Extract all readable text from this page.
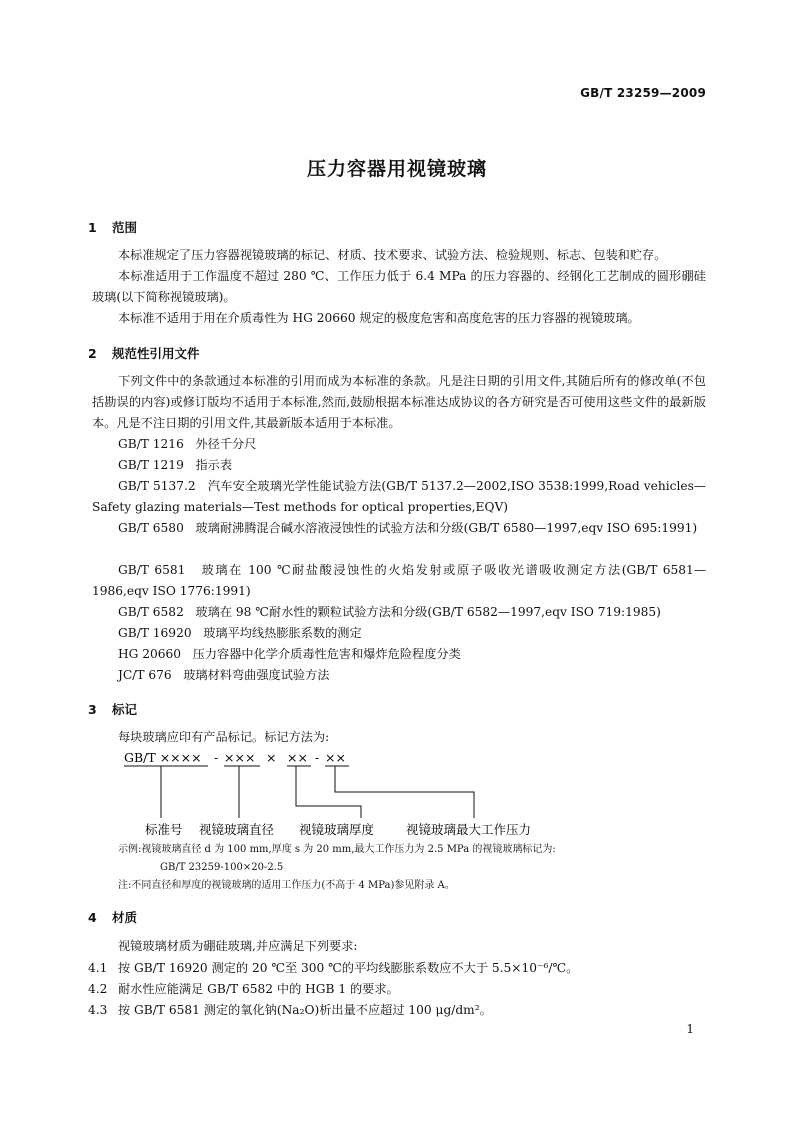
GB/T 23259—2009
压力容器用视镜玻璃
1 范围
本标准规定了压力容器视镜玻璃的标记、材质、技术要求、试验方法、检验规则、标志、包装和贮存。
本标准适用于工作温度不超过 280 ℃、工作压力低于 6.4 MPa 的压力容器的、经钢化工艺制成的圆形硼硅玻璃(以下简称视镜玻璃)。
本标准不适用于用在介质毒性为 HG 20660 规定的极度危害和高度危害的压力容器的视镜玻璃。
2 规范性引用文件
下列文件中的条款通过本标准的引用而成为本标准的条款。凡是注日期的引用文件,其随后所有的修改单(不包括勘误的内容)或修订版均不适用于本标准,然而,鼓励根据本标准达成协议的各方研究是否可使用这些文件的最新版本。凡是不注日期的引用文件,其最新版本适用于本标准。
GB/T 1216 外径千分尺
GB/T 1219 指示表
GB/T 5137.2 汽车安全玻璃光学性能试验方法(GB/T 5137.2—2002,ISO 3538:1999,Road vehicles—Safety glazing materials—Test methods for optical properties,EQV)
GB/T 6580 玻璃耐沸腾混合碱水溶液浸蚀性的试验方法和分级(GB/T 6580—1997,eqv ISO 695:1991)
GB/T 6581 玻璃在 100 ℃耐盐酸浸蚀性的火焰发射或原子吸收光谱吸收测定方法(GB/T 6581—1986,eqv ISO 1776:1991)
GB/T 6582 玻璃在 98 ℃耐水性的颗粒试验方法和分级(GB/T 6582—1997,eqv ISO 719:1985)
GB/T 16920 玻璃平均线热膨胀系数的测定
HG 20660 压力容器中化学介质毒性危害和爆炸危险程度分类
JC/T 676 玻璃材料弯曲强度试验方法
3 标记
每块玻璃应印有产品标记。标记方法为:
GB/T ×××× - ××× × ×× - ××
标准号 视镜玻璃直径 视镜玻璃厚度	视镜玻璃最大工作压力
示例:视镜玻璃直径 d 为 100 mm,厚度 s 为 20 mm,最大工作压力为 2.5 MPa 的视镜玻璃标记为:
GB/T 23259-100×20-2.5
注:不同直径和厚度的视镜玻璃的适用工作压力(不高于 4 MPa)参见附录 A。
4 材质
视镜玻璃材质为硼硅玻璃,并应满足下列要求:
4.1 按 GB/T 16920 测定的 20 ℃至 300 ℃的平均线膨胀系数应不大于 5.5×10⁻⁶/℃。
4.2 耐水性应能满足 GB/T 6582 中的 HGB 1 的要求。
4.3 按 GB/T 6581 测定的氧化钠(Na₂O)析出量不应超过 100 μg/dm²。
1
